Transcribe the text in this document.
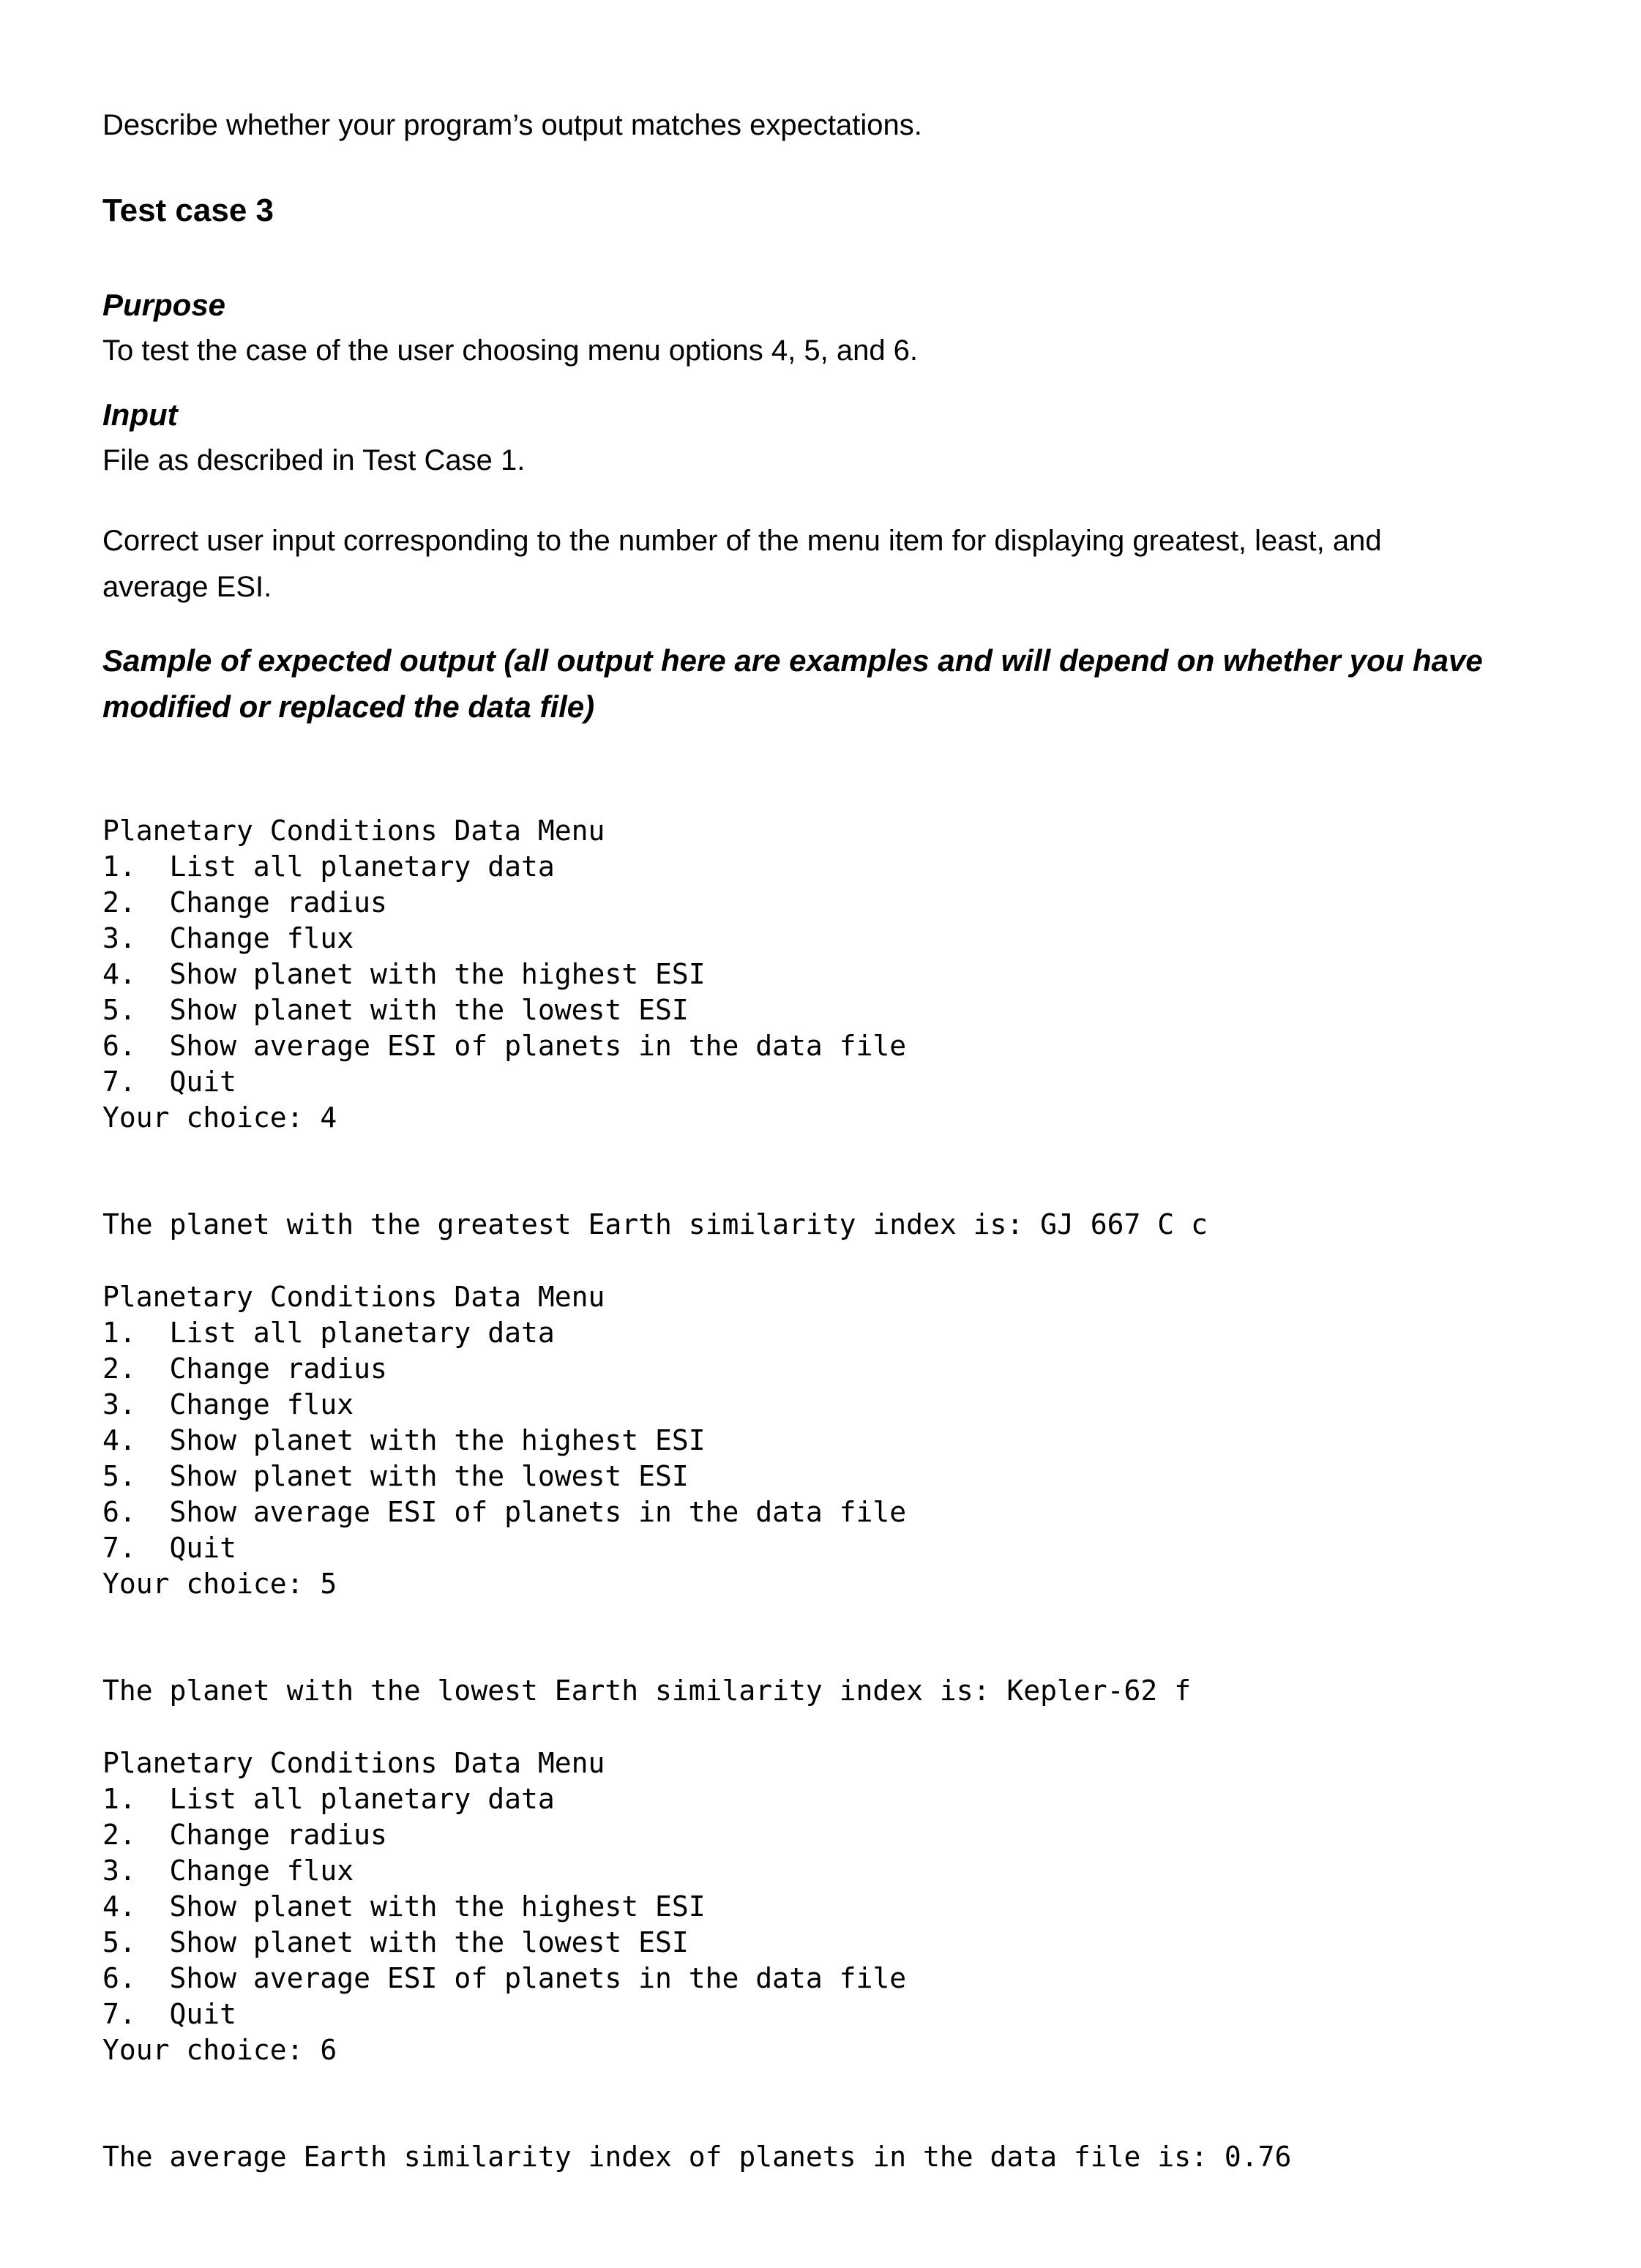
Describe whether your program’s output matches expectations.

Test case 3
Purpose

To test the case of the user choosing menu options 4, 5, and 6.

Input

File as described in Test Case 1.

Correct user input corresponding to the number of the menu item for displaying greatest, least, and
average ESI.

Sample of expected output (all output here are examples and will depend on whether you have
modified or replaced the data file)
Planetary Conditions Data Menu
1.  List all planetary data
2.  Change radius
3.  Change flux
4.  Show planet with the highest ESI
5.  Show planet with the lowest ESI
6.  Show average ESI of planets in the data file
7.  Quit
Your choice: 4
The planet with the greatest Earth similarity index is: GJ 667 C c
Planetary Conditions Data Menu
1.  List all planetary data
2.  Change radius
3.  Change flux
4.  Show planet with the highest ESI
5.  Show planet with the lowest ESI
6.  Show average ESI of planets in the data file
7.  Quit
Your choice: 5
The planet with the lowest Earth similarity index is: Kepler-62 f
Planetary Conditions Data Menu
1.  List all planetary data
2.  Change radius
3.  Change flux
4.  Show planet with the highest ESI
5.  Show planet with the lowest ESI
6.  Show average ESI of planets in the data file
7.  Quit
Your choice: 6
The average Earth similarity index of planets in the data file is: 0.76
